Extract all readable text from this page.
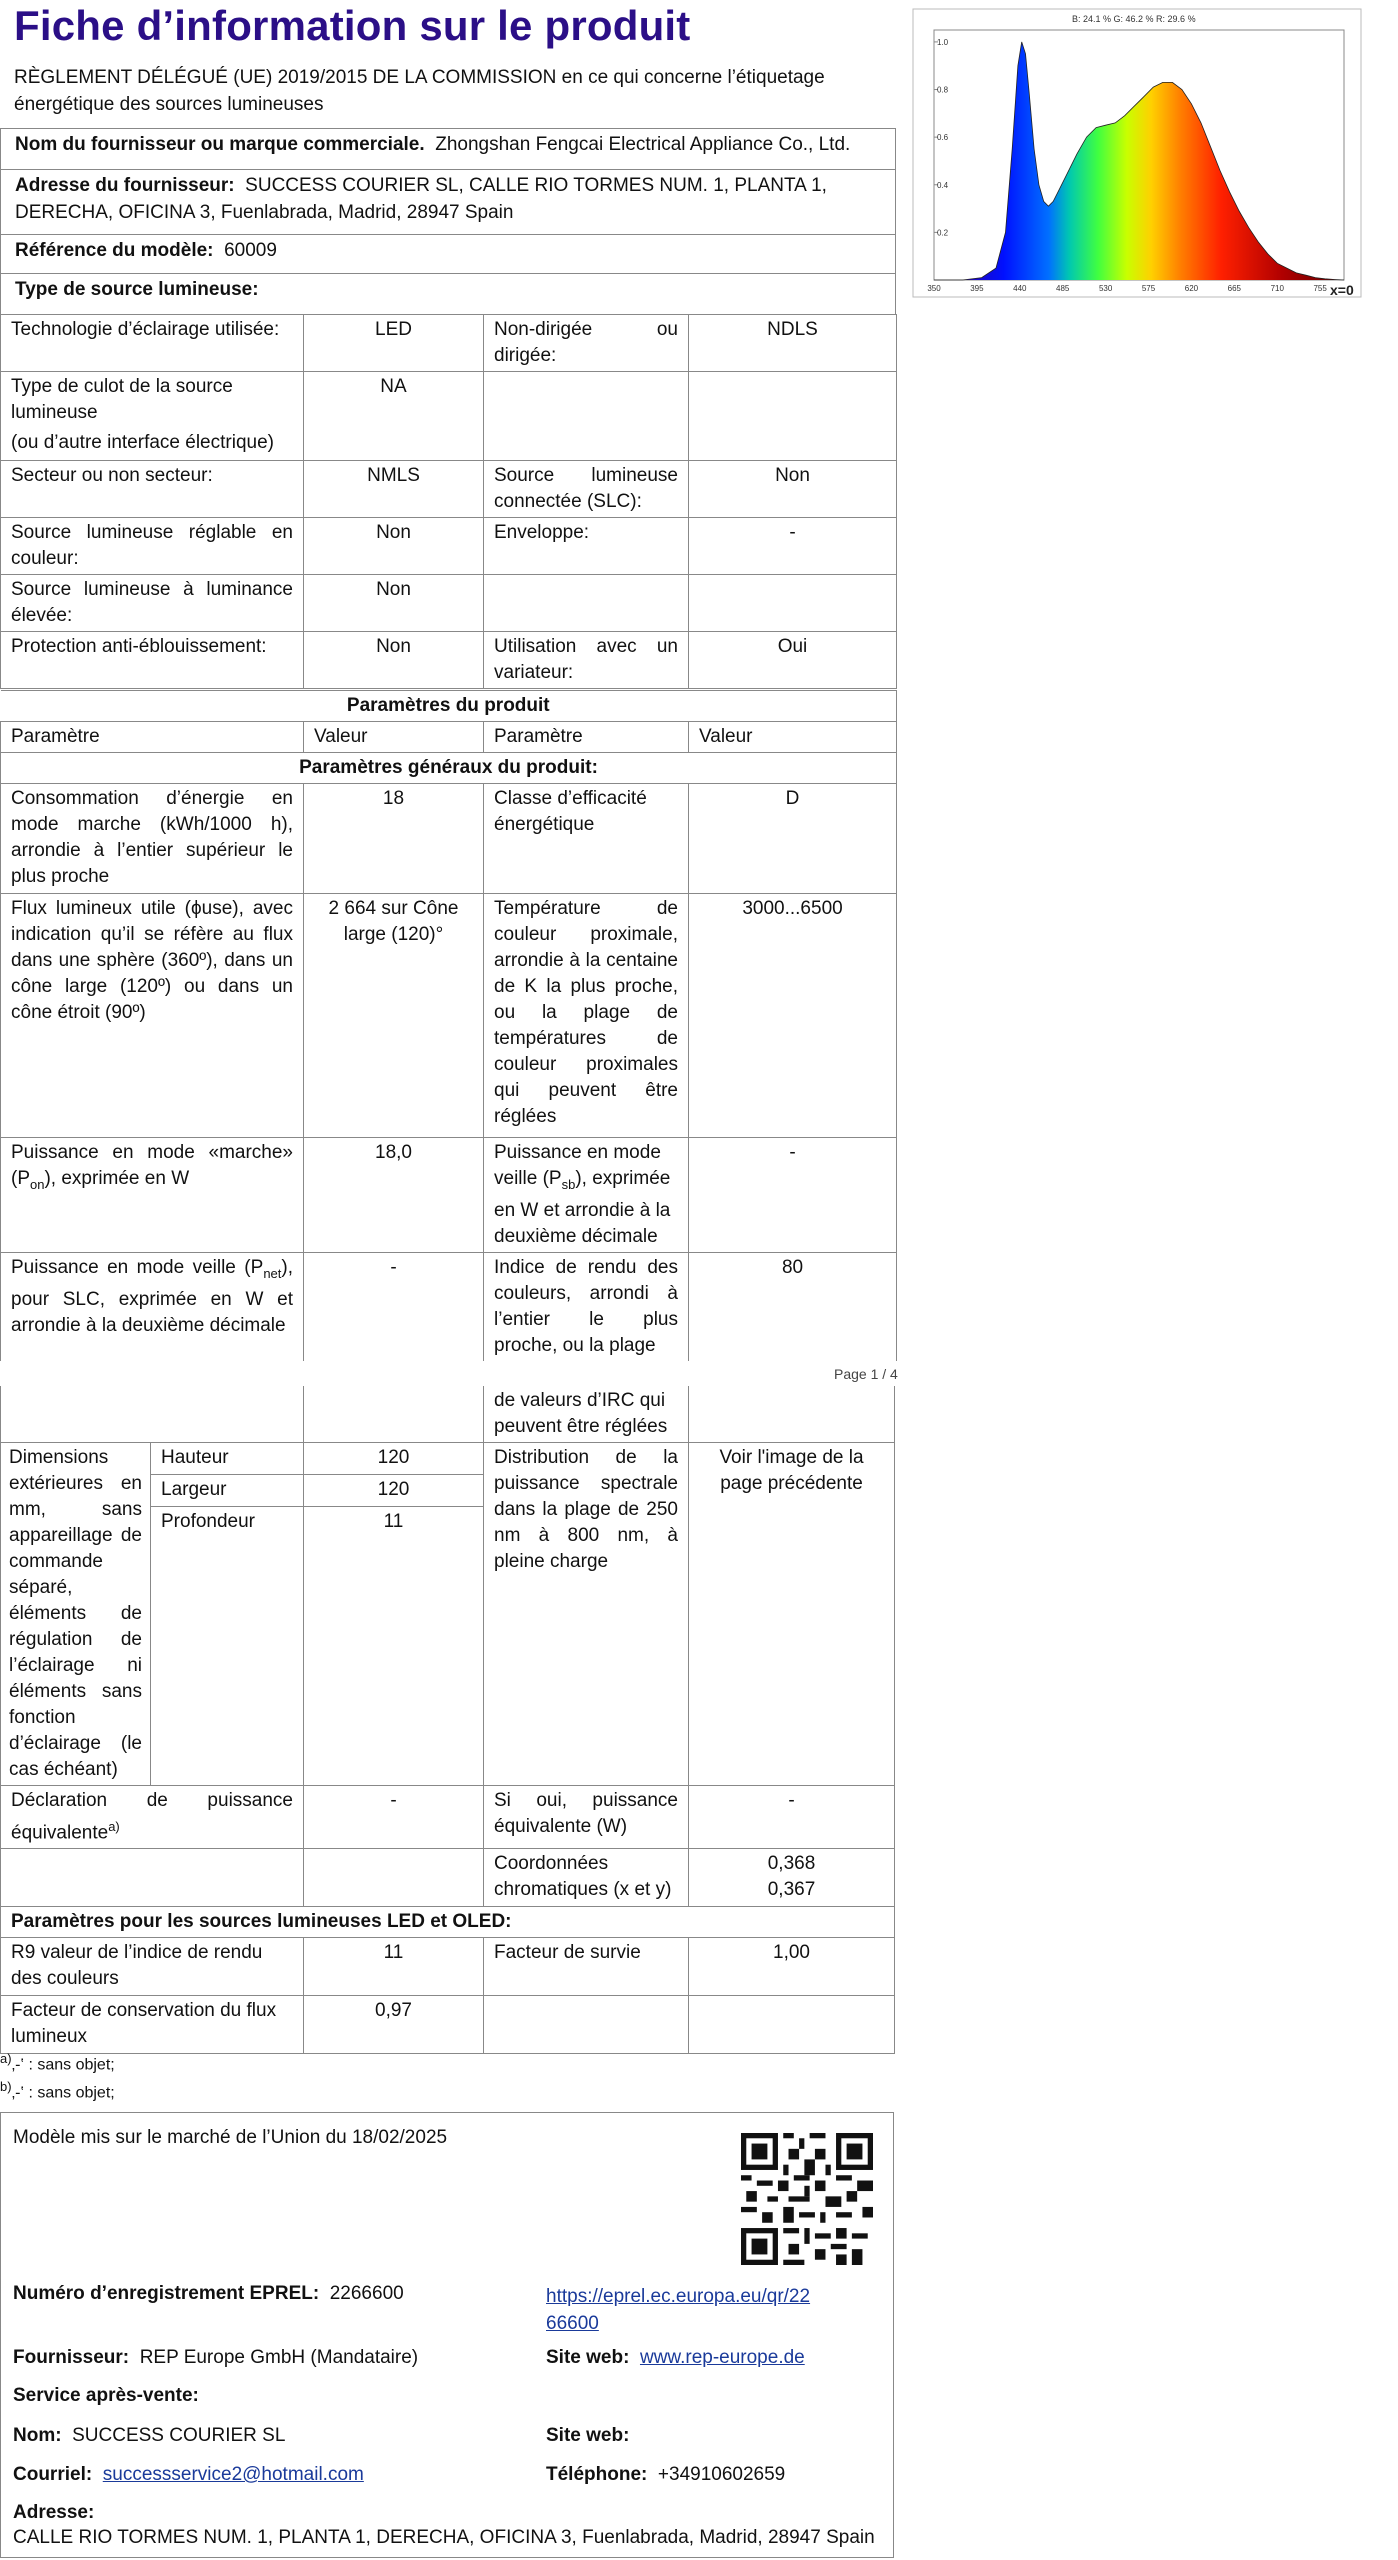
Fiche d’information sur le produit
RÈGLEMENT DÉLÉGUÉ (UE) 2019/2015 DE LA COMMISSION en ce qui concerne l’étiquetage énergétique des sources lumineuses
Nom du fournisseur ou marque commerciale. Zhongshan Fengcai Electrical Appliance Co., Ltd.
Adresse du fournisseur: SUCCESS COURIER SL, CALLE RIO TORMES NUM. 1, PLANTA 1, DERECHA, OFICINA 3, Fuenlabrada, Madrid, 28947 Spain
Référence du modèle: 60009
Type de source lumineuse:
Technologie d’éclairage utilisée:	LED	Non-dirigée ou dirigée:	NDLS

Type de culot de la source lumineuse
(ou d’autre interface électrique)	NA		
Secteur ou non secteur:	NMLS	Source lumineuse connectée (SLC):	Non
Source lumineuse réglable en couleur:	Non	Enveloppe:	-
Source lumineuse à luminance élevée:	Non		
Protection anti-éblouissement:	Non	Utilisation avec un variateur:	Oui
Paramètres du produit			
Paramètre	Valeur	Paramètre	Valeur
Paramètres généraux du produit:			
Consommation d’énergie en mode marche (kWh/1000 h), arrondie à l’entier supérieur le plus proche	18	Classe d’efficacité énergétique	D
Flux lumineux utile (ϕuse), avec indication qu’il se réfère au flux dans une sphère (360º), dans un cône large (120º) ou dans un cône étroit (90º)	2 664 sur Cône large (120)°	Température de couleur proximale, arrondie à la centaine de K la plus proche, ou la plage de températures de couleur proximales qui peuvent être réglées	3000...6500
Puissance en mode «marche» $(P_{on})$, exprimée en W	18,0	Puissance en mode veille $(P_{sb})$, exprimée en W et arrondie à la deuxième décimale	-
Puissance en mode veille $(P_{net})$, pour SLC, exprimée en W et arrondie à la deuxième décimale	-	Indice de rendu des couleurs, arrondi à l’entier le plus proche, ou la plage	80
Page 1 / 4
			de valeurs d’IRC qui peuvent être réglées	
Dimensions extérieures en mm, sans appareillage de commande séparé, éléments de régulation de l’éclairage ni éléments sans fonction d’éclairage (le cas échéant)	Hauteur	120	Distribution de la puissance spectrale dans la plage de 250 nm à 800 nm, à pleine charge	Voir l'image de la page précédente
	Largeur	120		
	Profondeur	11		
Déclaration de puissance équivalente$^{a)}$		-	Si oui, puissance équivalente (W)	-
			Coordonnées chromatiques (x et y)	0,368
0,367

Paramètres pour les sources lumineuses LED et OLED:				
R9 valeur de l’indice de rendu des couleurs		11	Facteur de survie	1,00
Facteur de conservation du flux lumineux		0,97		
$^{a)}$‚-‛ : sans objet;
$^{b)}$‚-‛ : sans objet;
Modèle mis sur le marché de l’Union du 18/02/2025
Numéro d’enregistrement EPREL: 2266600	https://eprel.ec.europa.eu/qr/22
66600
Fournisseur: REP Europe GmbH (Mandataire)	Site web: www.rep-europe.de
Service après-vente:
Nom: SUCCESS COURIER SL	Site web:
Courriel: successservice2@hotmail.com	Téléphone: +34910602659
Adresse:
CALLE RIO TORMES NUM. 1, PLANTA 1, DERECHA, OFICINA 3, Fuenlabrada, Madrid, 28947 Spain
B: 24.1 % G: 46.2 % R: 29.6 %
1.0
0.8
0.6
0.4
0.2
350	395	440	485	530	575	620	665	710	755 x=0
